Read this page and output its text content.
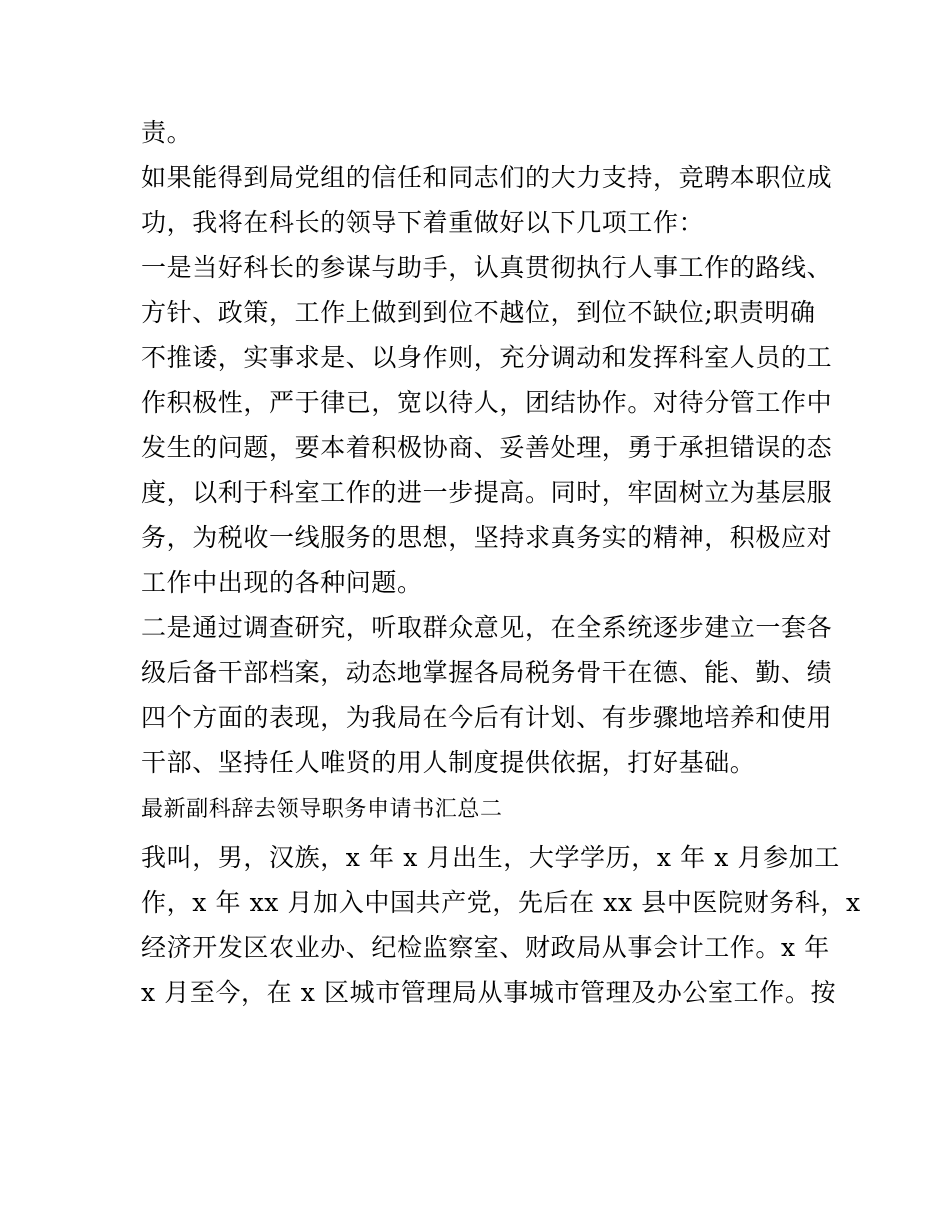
责。
如果能得到局党组的信任和同志们的大力支持，竞聘本职位成
功，我将在科长的领导下着重做好以下几项工作：
一是当好科长的参谋与助手，认真贯彻执行人事工作的路线、
方针、政策，工作上做到到位不越位，到位不缺位;职责明确
不推诿，实事求是、以身作则，充分调动和发挥科室人员的工
作积极性，严于律已，宽以待人，团结协作。对待分管工作中
发生的问题，要本着积极协商、妥善处理，勇于承担错误的态
度，以利于科室工作的进一步提高。同时，牢固树立为基层服
务，为税收一线服务的思想，坚持求真务实的精神，积极应对
工作中出现的各种问题。
二是通过调查研究，听取群众意见，在全系统逐步建立一套各
级后备干部档案，动态地掌握各局税务骨干在德、能、勤、绩
四个方面的表现，为我局在今后有计划、有步骤地培养和使用
干部、坚持任人唯贤的用人制度提供依据，打好基础。
最新副科辞去领导职务申请书汇总二
我叫，男，汉族，x 年 x 月出生，大学学历，x 年 x 月参加工
作，x 年 xx 月加入中国共产党，先后在 xx 县中医院财务科，x
经济开发区农业办、纪检监察室、财政局从事会计工作。x 年
x 月至今，在 x 区城市管理局从事城市管理及办公室工作。按
